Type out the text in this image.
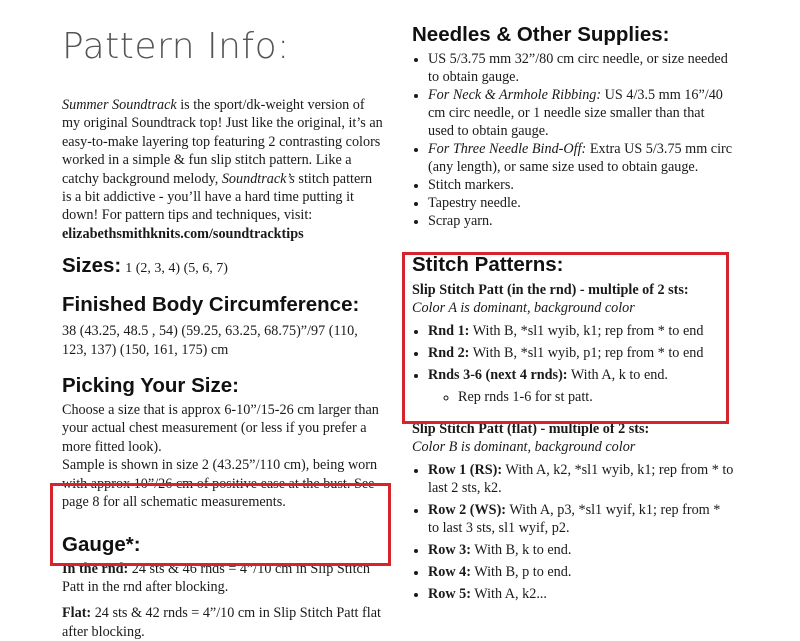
Pattern Info:

Summer Soundtrack is the sport/dk-weight version of my original Soundtrack top! Just like the original, it’s an easy-to-make layering top featuring 2 contrasting colors worked in a simple & fun slip stitch pattern. Like a catchy background melody, Soundtrack’s stitch pattern is a bit addictive - you’ll have a hard time putting it down! For pattern tips and techniques, visit: elizabethsmithknits.com/soundtracktips

Sizes: 1 (2, 3, 4) (5, 6, 7)
Finished Body Circumference:

38 (43.25, 48.5 , 54) (59.25, 63.25, 68.75)”/97 (110, 123, 137) (150, 161, 175) cm

Picking Your Size:

Choose a size that is approx 6-10”/15-26 cm larger than your actual chest measurement (or less if you prefer a more fitted look).

Sample is shown in size 2 (43.25”/110 cm), being worn with approx 10”/26 cm of positive ease at the bust. See page 8 for all schematic measurements.

Gauge*:

In the rnd: 24 sts & 46 rnds = 4”/10 cm in Slip Stitch Patt in the rnd after blocking.

Flat: 24 sts & 42 rnds = 4”/10 cm in Slip Stitch Patt flat after blocking.

Needles & Other Supplies:
• US 5/3.75 mm 32”/80 cm circ needle, or size needed to obtain gauge.
• For Neck & Armhole Ribbing: US 4/3.5 mm 16”/40 cm circ needle, or 1 needle size smaller than that used to obtain gauge.
• For Three Needle Bind-Off: Extra US 5/3.75 mm circ (any length), or same size used to obtain gauge.
• Stitch markers.
• Tapestry needle.
• Scrap yarn.
Stitch Patterns:

Slip Stitch Patt (in the rnd) - multiple of 2 sts:

Color A is dominant, background color

• Rnd 1: With B, *sl1 wyib, k1; rep from * to end
• Rnd 2: With B, *sl1 wyib, p1; rep from * to end
• Rnds 3-6 (next 4 rnds): With A, k to end.
◦ Rep rnds 1-6 for st patt.

Slip Stitch Patt (flat) - multiple of 2 sts:

Color B is dominant, background color

• Row 1 (RS): With A, k2, *sl1 wyib, k1; rep from * to last 2 sts, k2.
• Row 2 (WS): With A, p3, *sl1 wyif, k1; rep from * to last 3 sts, sl1 wyif, p2.
• Row 3: With B, k to end.
• Row 4: With B, p to end.
• Row 5: With A, k2...
